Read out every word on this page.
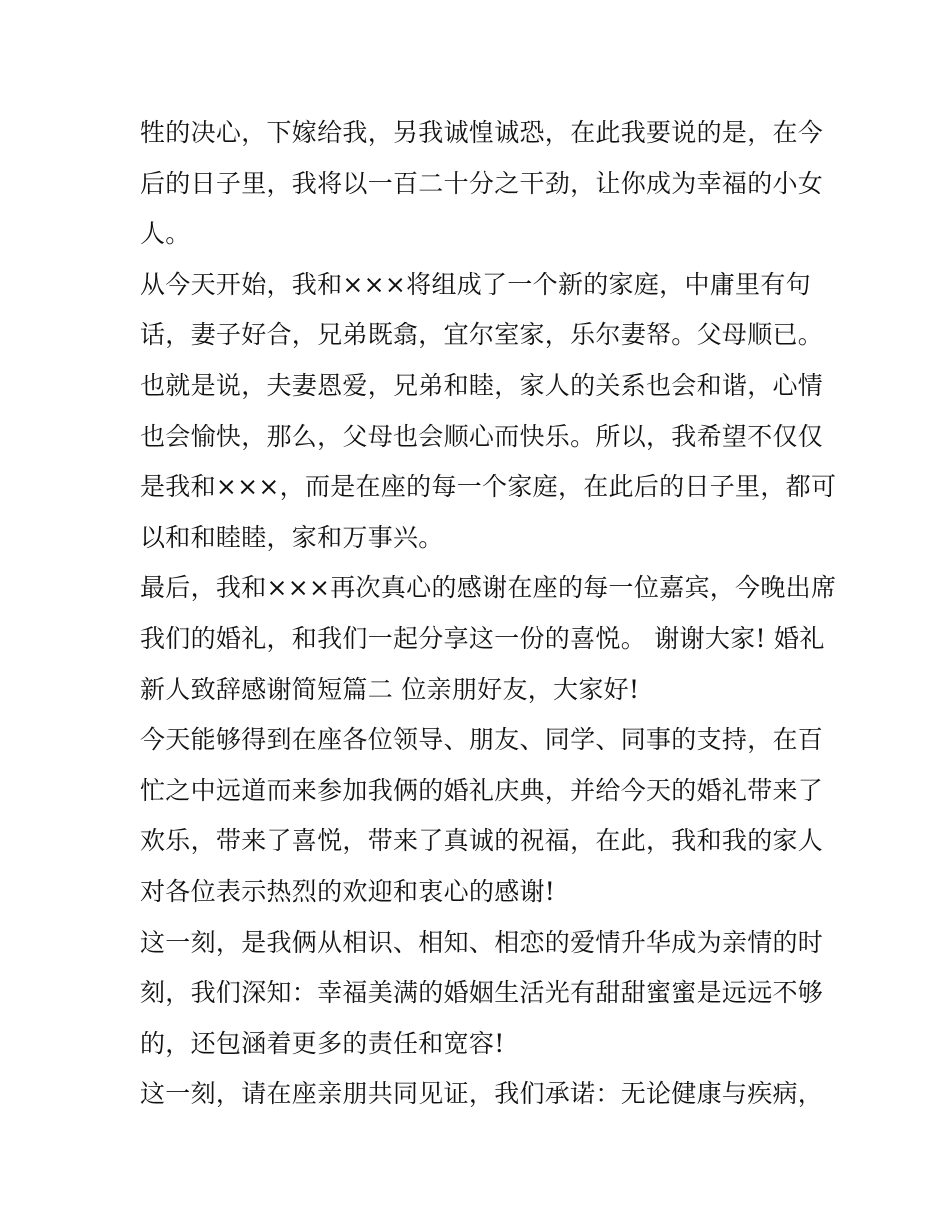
牲的决心，下嫁给我，另我诚惶诚恐，在此我要说的是，在今
后的日子里，我将以一百二十分之干劲，让你成为幸福的小女
人。
从今天开始，我和×××将组成了一个新的家庭，中庸里有句
话，妻子好合，兄弟既翕，宜尔室家，乐尔妻帑。父母顺已。
也就是说，夫妻恩爱，兄弟和睦，家人的关系也会和谐，心情
也会愉快，那么，父母也会顺心而快乐。所以，我希望不仅仅
是我和×××，而是在座的每一个家庭，在此后的日子里，都可
以和和睦睦，家和万事兴。
最后，我和×××再次真心的感谢在座的每一位嘉宾，今晚出席
我们的婚礼，和我们一起分享这一份的喜悦。 谢谢大家! 婚礼
新人致辞感谢简短篇二 位亲朋好友，大家好!
今天能够得到在座各位领导、朋友、同学、同事的支持，在百
忙之中远道而来参加我俩的婚礼庆典，并给今天的婚礼带来了
欢乐，带来了喜悦，带来了真诚的祝福，在此，我和我的家人
对各位表示热烈的欢迎和衷心的感谢!
这一刻，是我俩从相识、相知、相恋的爱情升华成为亲情的时
刻，我们深知：幸福美满的婚姻生活光有甜甜蜜蜜是远远不够
的，还包涵着更多的责任和宽容!
这一刻，请在座亲朋共同见证，我们承诺：无论健康与疾病，
